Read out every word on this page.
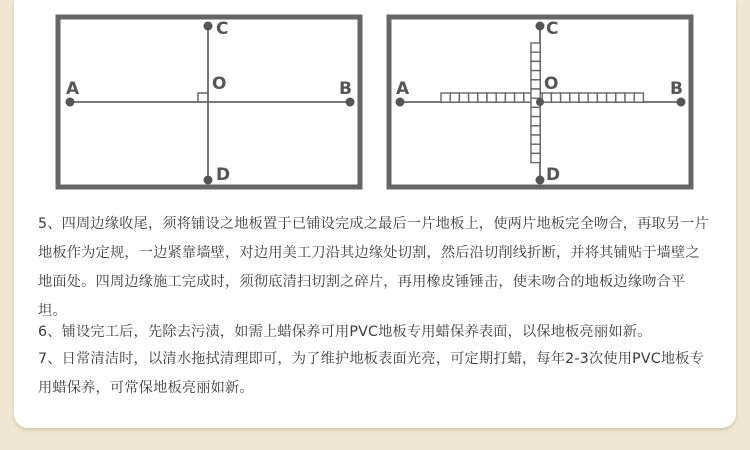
A	B
C
D
O	A	B
C
D
O

5、四周边缘收尾，须将铺设之地板置于已铺设完成之最后一片地板上，使两片地板完全吻合，再取另一片地板作为定规，一边紧靠墙壁，对边用美工刀沿其边缘处切割，然后沿切削线折断，并将其铺贴于墙壁之地面处。四周边缘施工完成时，须彻底清扫切割之碎片，再用橡皮锤锤击，使未吻合的地板边缘吻合平坦。

6、铺设完工后，先除去污渍，如需上蜡保养可用PVC地板专用蜡保养表面，以保地板亮丽如新。

7、日常清洁时，以清水拖拭清理即可，为了维护地板表面光亮，可定期打蜡，每年2-3次使用PVC地板专用蜡保养，可常保地板亮丽如新。
